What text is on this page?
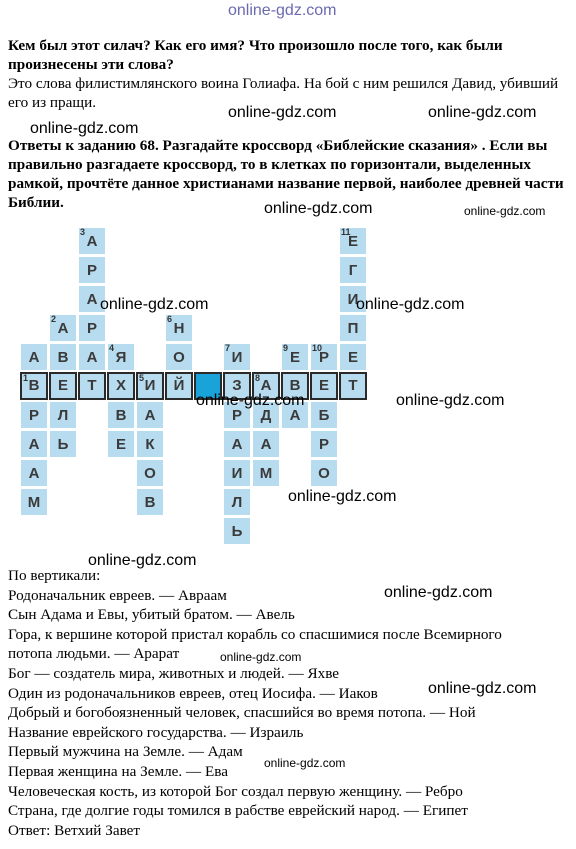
online-gdz.com
Кем был этот силач? Как его имя? Что произошло после того, как были произнесены эти слова?
Это слова филистимлянского воина Голиафа. На бой с ним решился Давид, убивший его из пращи.
Ответы к заданию 68. Разгадайте кроссворд «Библейские сказания» . Если вы правильно разгадаете кроссворд, то в клетках по горизонтали, выделенных рамкой, прочтёте данное христианами название первой, наиболее древней части Библии.
online-gdz.com	online-gdz.com
online-gdz.com
3
А
11
Е
Р	Г
А	И
2
А	Р
6
Н	П
А	В	А
4
Я	О
7
И
9
Е
10
Р	Е
1 В	Е	Т	Х	5 И	Й	З	8 А	В	Е	Т
Р	Л	В	А	Р	Д	А	Б
А	Ь	Е	К	А	А	Р
А	О	И	М	О
М	В	Л
Ь
online-gdz.com	online-gdz.com
online-gdz.com	online-gdz.com
online-gdz.com	online-gdz.com
online-gdz.com
online-gdz.com
online-gdz.com
online-gdz.com
online-gdz.com
online-gdz.com
По вертикали:
Родоначальник евреев. — Авраам
Сын Адама и Евы, убитый братом. — Авель
Гора, к вершине которой пристал корабль со спасшимися после Всемирного
потопа людьми. — Арарат
Бог — создатель мира, животных и людей. — Яхве
Один из родоначальников евреев, отец Иосифа. — Иаков
Добрый и богобоязненный человек, спасшийся во время потопа. — Ной
Название еврейского государства. — Израиль
Первый мужчина на Земле. — Адам
Первая женщина на Земле. — Ева
Человеческая кость, из которой Бог создал первую женщину. — Ребро
Страна, где долгие годы томился в рабстве еврейский народ. — Египет
Ответ: Ветхий Завет
